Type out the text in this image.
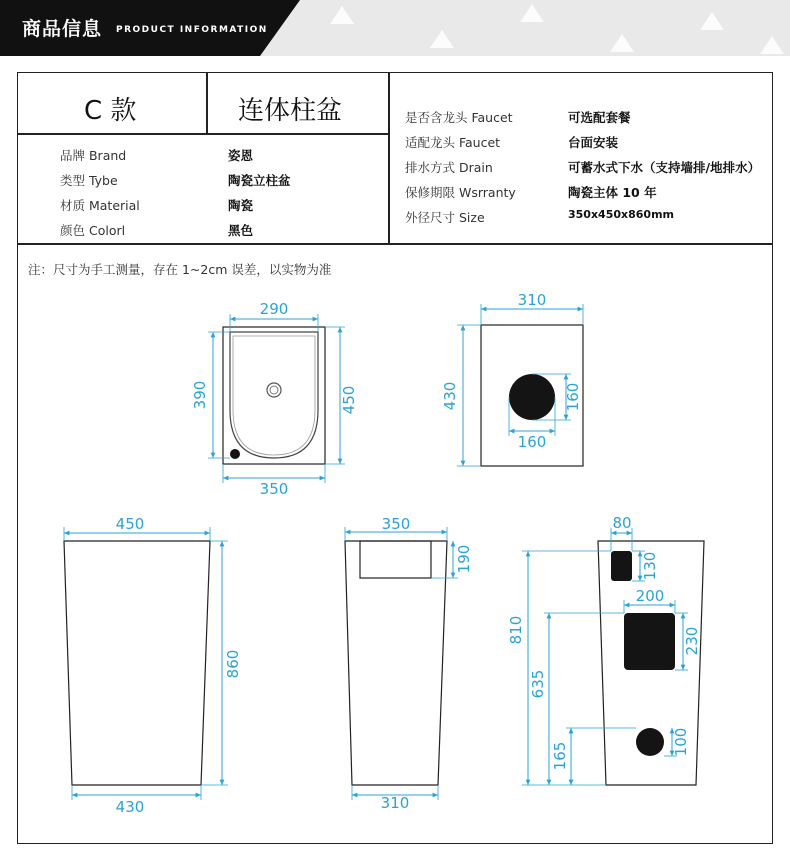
商品信息 PRODUCT INFORMATION
C 款	连体柱盆
品牌 Brand	姿恩
类型 Tybe	陶瓷立柱盆
材质 Material	陶瓷
颜色 Colorl	黑色
是否含龙头 Faucet	可选配套餐
适配龙头 Faucet	台面安装
排水方式 Drain	可蓄水式下水（支持墙排/地排水）
保修期限 Wsrranty	陶瓷主体 10 年
外径尺寸 Size	350x450x860mm
注：尺寸为手工测量，存在 1~2cm 误差，以实物为准
290
390	450
350
310
430	160
160
450
860
430
350
190
310
80
130
200
230
810
635
165	100
